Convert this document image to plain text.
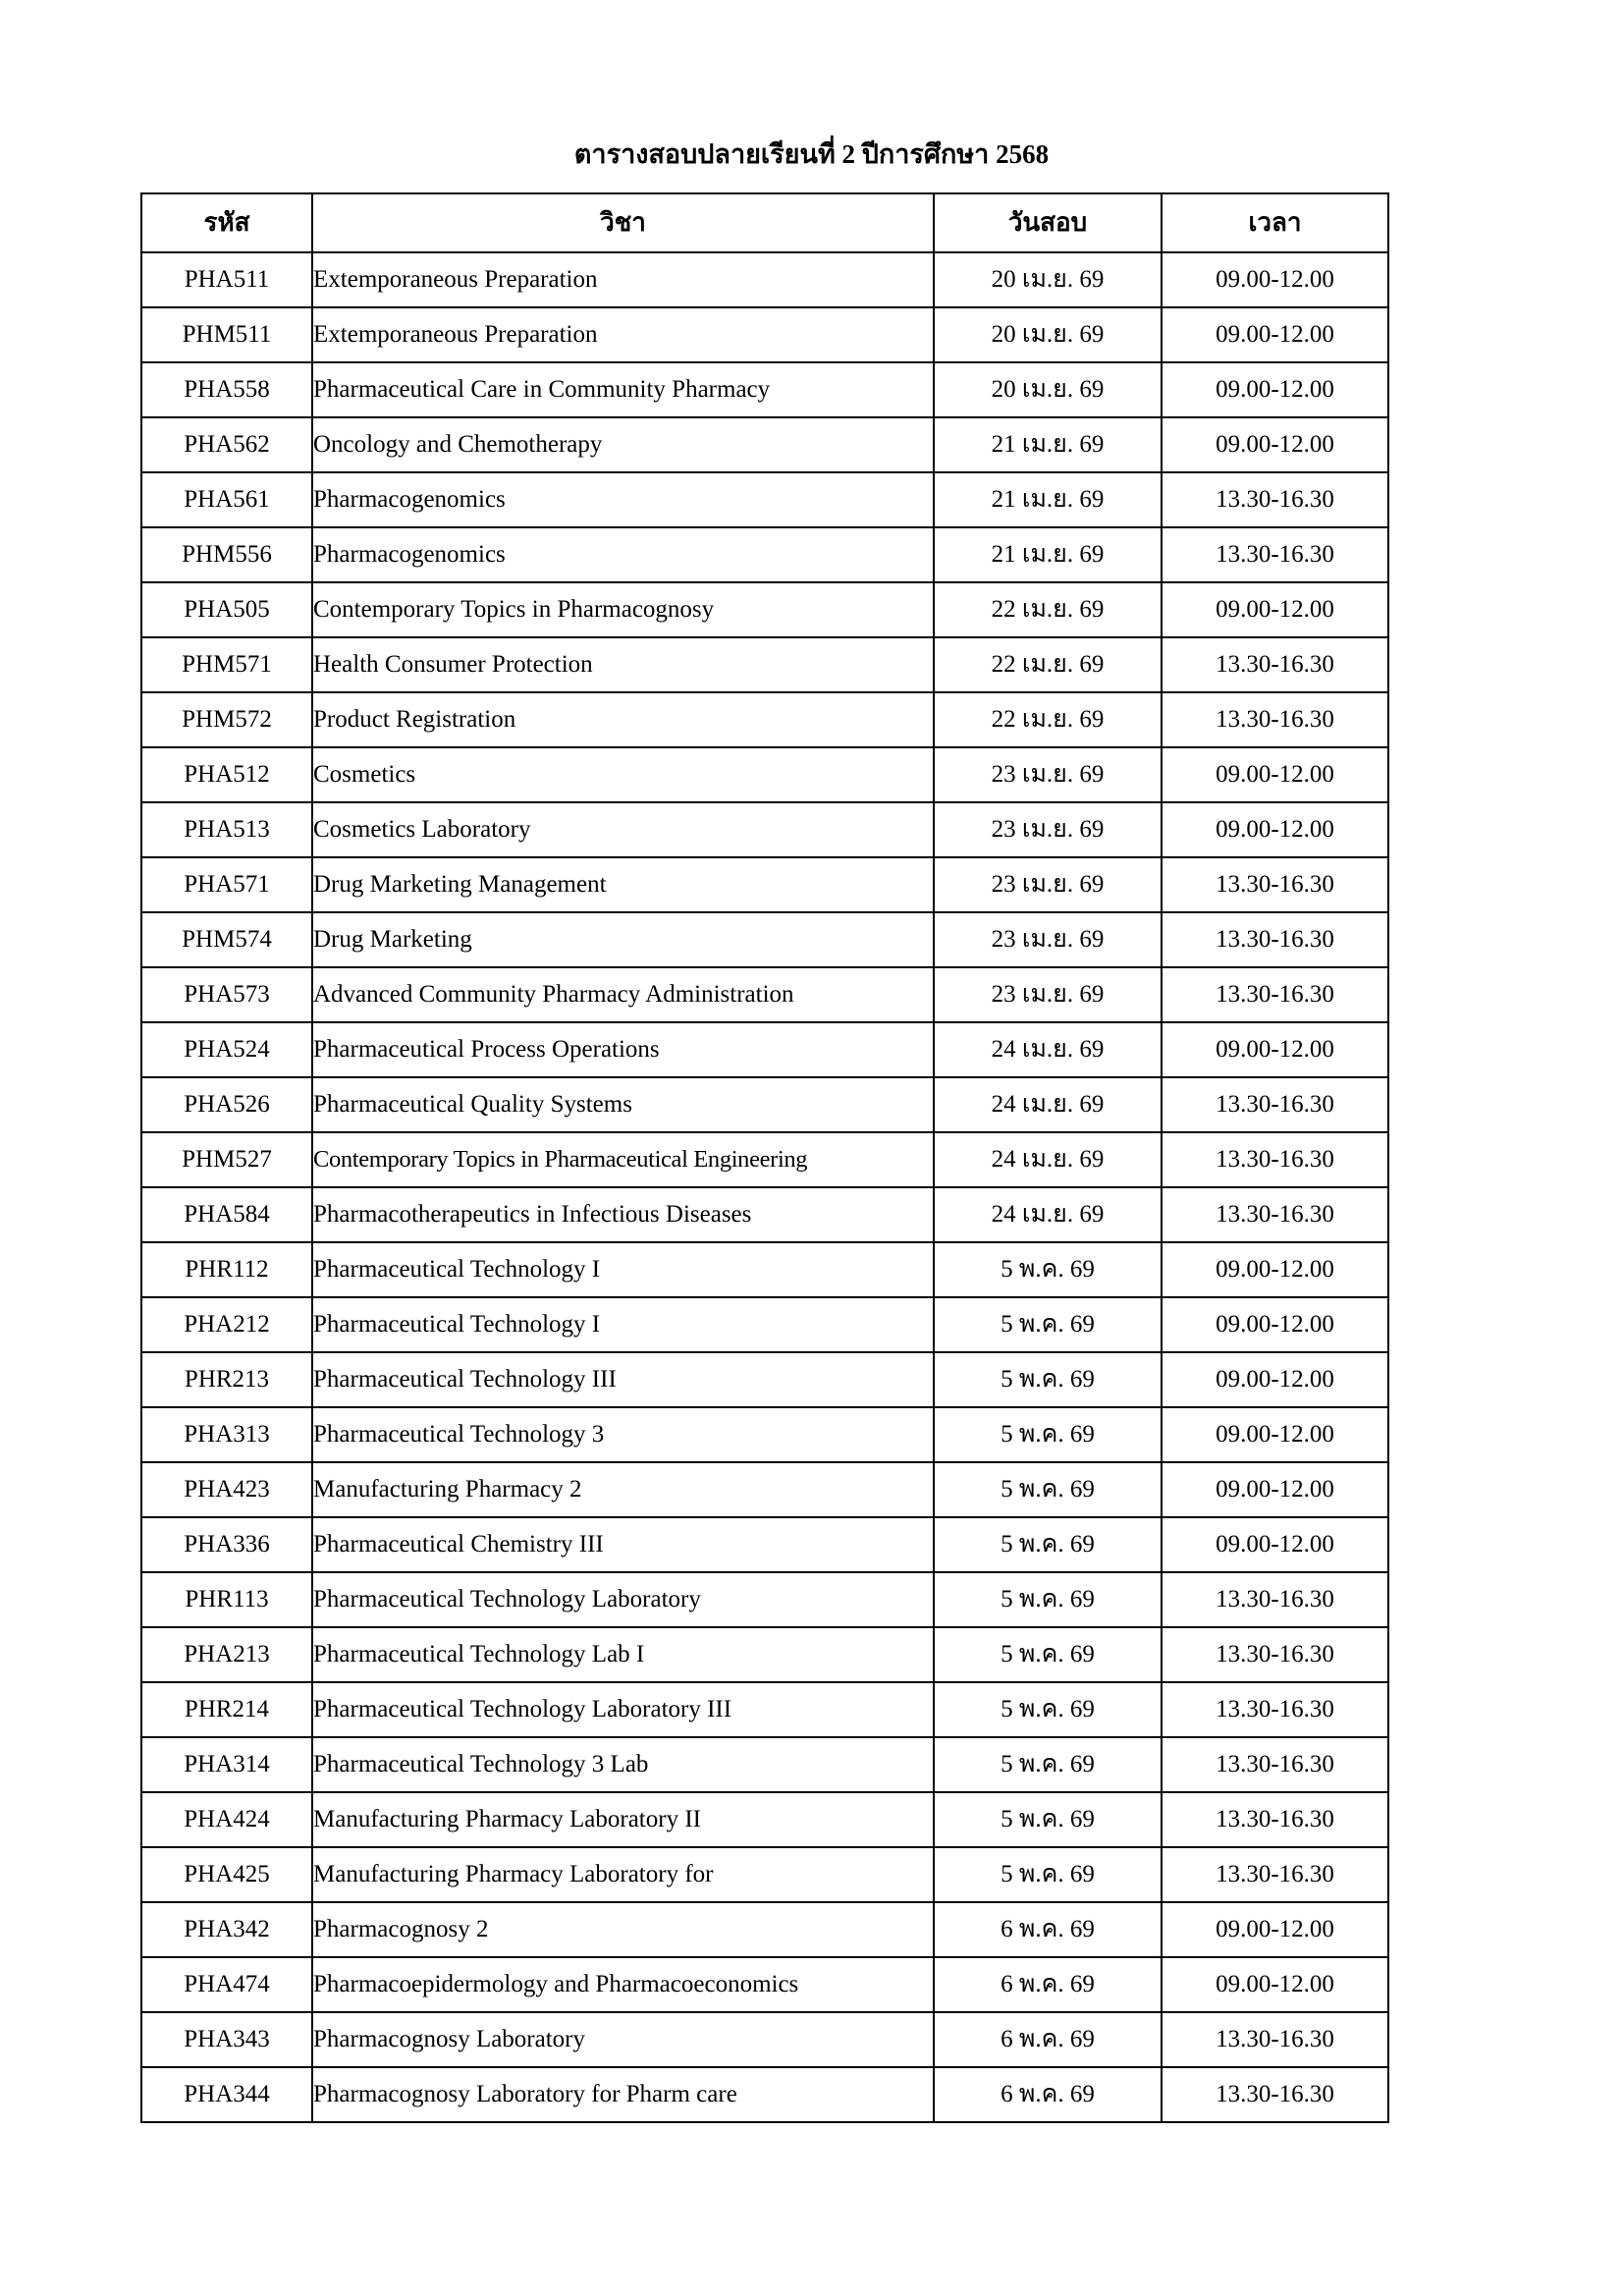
ตารางสอบปลายเรียนที่ 2 ปีการศึกษา 2568
รหัส	วิชา	วันสอบ	เวลา
PHA511	Extemporaneous Preparation	20 เม.ย. 69	09.00-12.00
PHM511	Extemporaneous Preparation	20 เม.ย. 69	09.00-12.00
PHA558	Pharmaceutical Care in Community Pharmacy	20 เม.ย. 69	09.00-12.00
PHA562	Oncology and Chemotherapy	21 เม.ย. 69	09.00-12.00
PHA561	Pharmacogenomics	21 เม.ย. 69	13.30-16.30
PHM556	Pharmacogenomics	21 เม.ย. 69	13.30-16.30
PHA505	Contemporary Topics in Pharmacognosy	22 เม.ย. 69	09.00-12.00
PHM571	Health Consumer Protection	22 เม.ย. 69	13.30-16.30
PHM572	Product Registration	22 เม.ย. 69	13.30-16.30
PHA512	Cosmetics	23 เม.ย. 69	09.00-12.00
PHA513	Cosmetics Laboratory	23 เม.ย. 69	09.00-12.00
PHA571	Drug Marketing Management	23 เม.ย. 69	13.30-16.30
PHM574	Drug Marketing	23 เม.ย. 69	13.30-16.30
PHA573	Advanced Community Pharmacy Administration	23 เม.ย. 69	13.30-16.30
PHA524	Pharmaceutical Process Operations	24 เม.ย. 69	09.00-12.00
PHA526	Pharmaceutical Quality Systems	24 เม.ย. 69	13.30-16.30
PHM527	Contemporary Topics in Pharmaceutical Engineering	24 เม.ย. 69	13.30-16.30
PHA584	Pharmacotherapeutics in Infectious Diseases	24 เม.ย. 69	13.30-16.30
PHR112	Pharmaceutical Technology I	5 พ.ค. 69	09.00-12.00
PHA212	Pharmaceutical Technology I	5 พ.ค. 69	09.00-12.00
PHR213	Pharmaceutical Technology III	5 พ.ค. 69	09.00-12.00
PHA313	Pharmaceutical Technology 3	5 พ.ค. 69	09.00-12.00
PHA423	Manufacturing Pharmacy 2	5 พ.ค. 69	09.00-12.00
PHA336	Pharmaceutical Chemistry III	5 พ.ค. 69	09.00-12.00
PHR113	Pharmaceutical Technology Laboratory	5 พ.ค. 69	13.30-16.30
PHA213	Pharmaceutical Technology Lab I	5 พ.ค. 69	13.30-16.30
PHR214	Pharmaceutical Technology Laboratory III	5 พ.ค. 69	13.30-16.30
PHA314	Pharmaceutical Technology 3 Lab	5 พ.ค. 69	13.30-16.30
PHA424	Manufacturing Pharmacy Laboratory II	5 พ.ค. 69	13.30-16.30
PHA425	Manufacturing Pharmacy Laboratory for	5 พ.ค. 69	13.30-16.30
PHA342	Pharmacognosy 2	6 พ.ค. 69	09.00-12.00
PHA474	Pharmacoepidermology and Pharmacoeconomics	6 พ.ค. 69	09.00-12.00
PHA343	Pharmacognosy Laboratory	6 พ.ค. 69	13.30-16.30
PHA344	Pharmacognosy Laboratory for Pharm care	6 พ.ค. 69	13.30-16.30
